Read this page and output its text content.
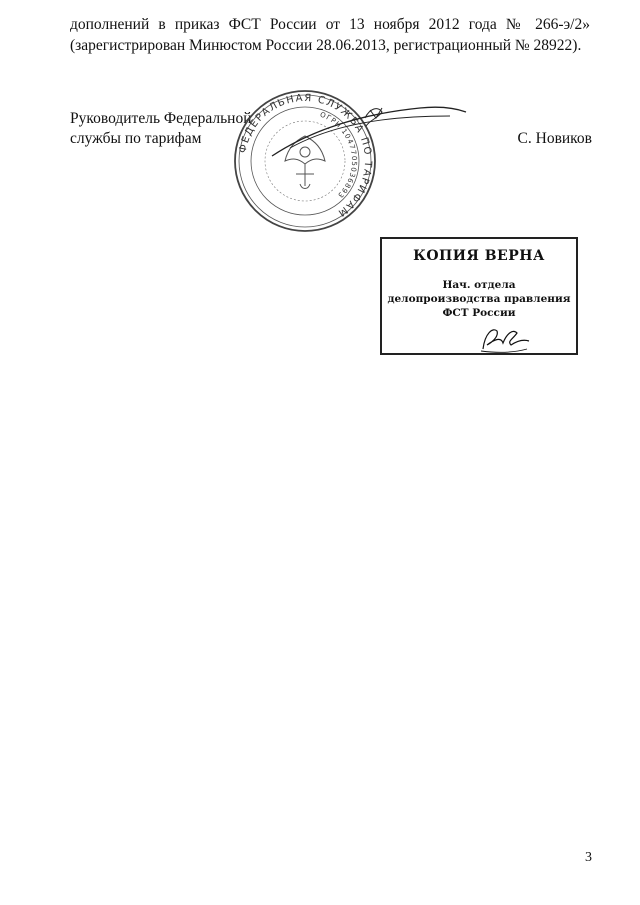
дополнений в приказ ФСТ России от 13 ноября 2012 года № 266-э/2»
(зарегистрирован Минюстом России 28.06.2013, регистрационный № 28922).
Руководитель Федеральной
службы по тарифам	С. Новиков
ФЕДЕРАЛЬНАЯ СЛУЖБА ПО ТАРИФАМ
ОГРН 1047705036893
КОПИЯ ВЕРНА
Нач. отдела
делопроизводства правления
ФСТ России
3
